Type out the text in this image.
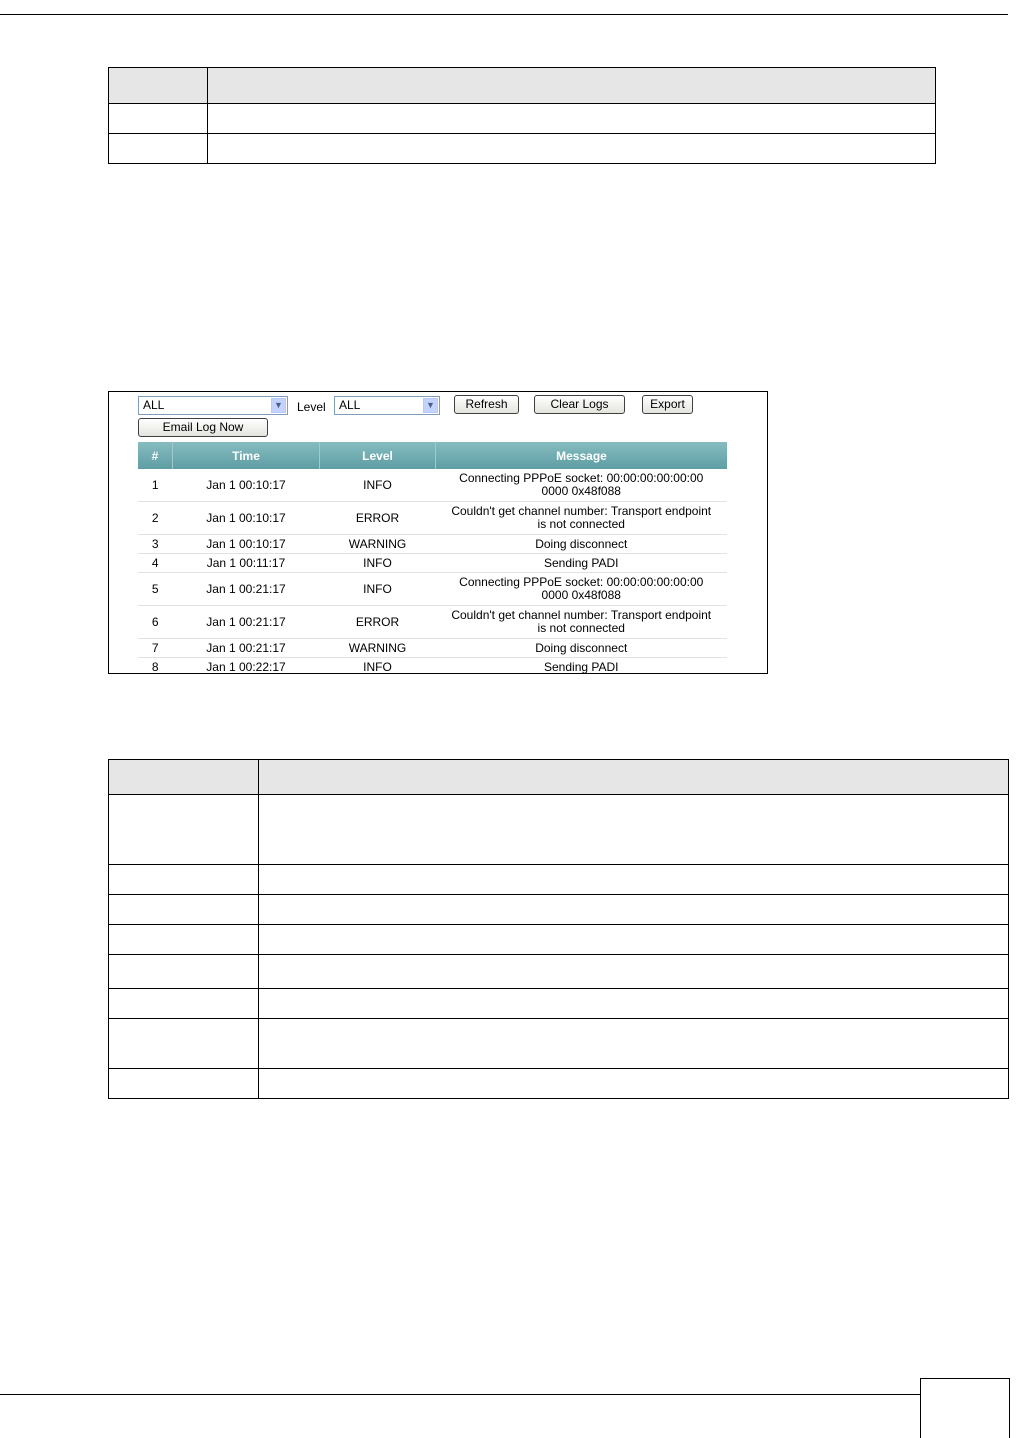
ALL	▼ Level	ALL	▼	Refresh	Clear Logs	Export
Email Log Now
#	Time	Level	Message
1	Jan 1 00:10:17	INFO	Connecting PPPoE socket: 00:00:00:00:00:00
0000 0x48f088

2	Jan 1 00:10:17	ERROR	Couldn't get channel number: Transport endpoint
is not connected

3	Jan 1 00:10:17	WARNING	Doing disconnect
4	Jan 1 00:11:17	INFO	Sending PADI
5	Jan 1 00:21:17	INFO	Connecting PPPoE socket: 00:00:00:00:00:00
0000 0x48f088

6	Jan 1 00:21:17	ERROR	Couldn't get channel number: Transport endpoint
is not connected

7	Jan 1 00:21:17	WARNING	Doing disconnect
8	Jan 1 00:22:17	INFO	Sending PADI
